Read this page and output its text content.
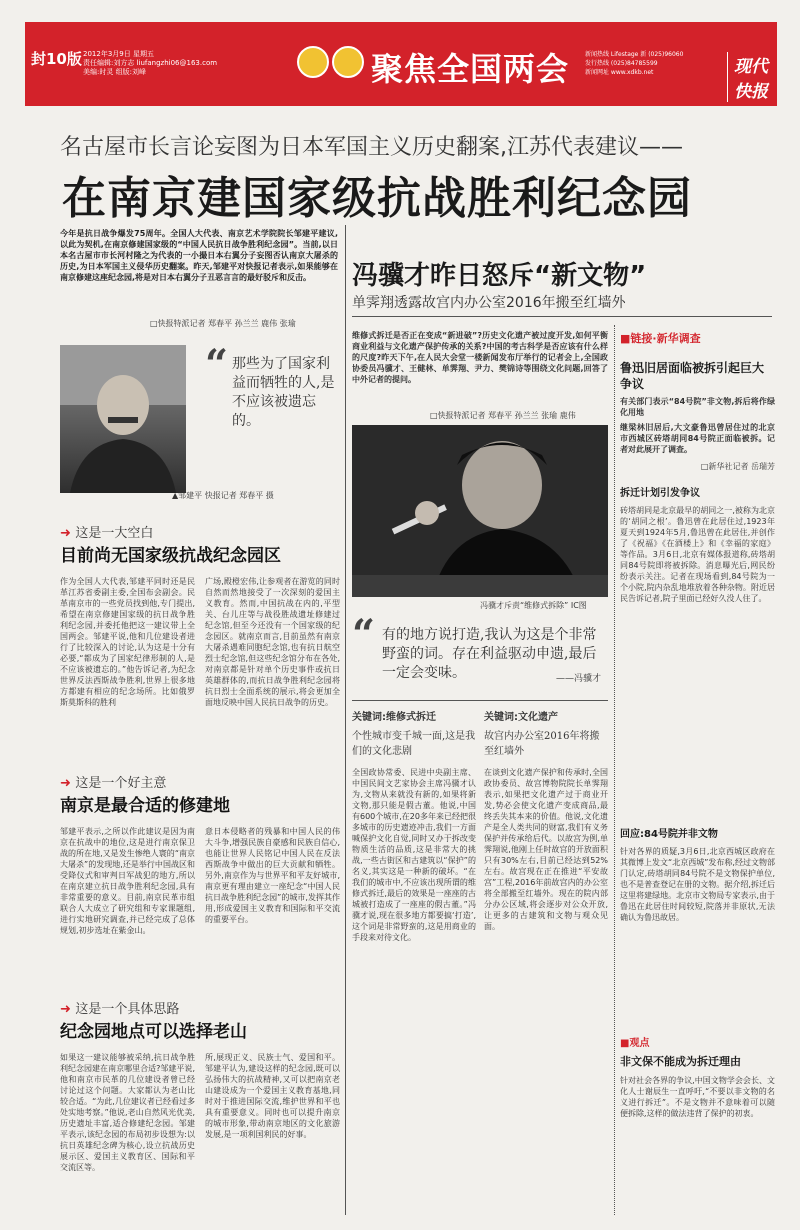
封10版 2012年3月9日 星期五
责任编辑:刘方志 liufangzhi06@163.com
美编:时灵 组版:刘峰	聚焦全国两会	新闻热线 Lifestage 新 (025)96060
发行热线 (025)84785599
新闻网址 www.xdkb.net	现代快报
名古屋市长言论妄图为日本军国主义历史翻案,江苏代表建议——
在南京建国家级抗战胜利纪念园
今年是抗日战争爆发75周年。全国人大代表、南京艺术学院院长邹建平建议,以此为契机,在南京修建国家级的“中国人民抗日战争胜利纪念园”。当前,以日本名古屋市市长河村隆之为代表的一小撮日本右翼分子妄图否认南京大屠杀的历史,为日本军国主义侵华历史翻案。昨天,邹建平对快报记者表示,如果能够在南京修建这座纪念园,将是对日本右翼分子丑恶言言的最好驳斥和反击。
□快报特派记者 郑春平 孙兰兰 鹿伟 张瑜
▲邹建平 快报记者 郑春平 摄
“ 那些为了国家利益而牺牲的人,是不应该被遗忘的。
➜ 这是一大空白
目前尚无国家级抗战纪念园区
作为全国人大代表,邹建平同时还是民革江苏省委副主委,全国布会副会。民革南京市的一些党员找到他,专门提出,希望在南京修建国家级的抗日战争胜利纪念园,并委托他把这一建议带上全国两会。邹建平说,他和几位建设者进行了比较深入的讨论,认为这是十分有必要,“都成为了国家纪律形制的人,是不应该被遗忘的。”他告诉记者,为纪念世界反法西斯战争胜利,世界上很多地方都建有相应的纪念场所。比如俄罗斯莫斯科的胜利
广场,殿橙宏伟,让参观者在游览的同时自然而然地接受了一次深刻的爱国主义教育。然而,中国抗战在内的,平型关、台儿庄等与战役胜战遗址修建过纪念馆,但至今还没有一个国家级的纪念园区。就南京而言,目前虽然有南京大屠杀遇难同胞纪念馆,也有抗日航空烈士纪念馆,但这些纪念馆分布在各处,对南京都是针对单个历史事件或抗日英雄群体的,而抗日战争胜利纪念园将抗日烈士全面系统的展示,将会更加全面地反映中国人民抗日战争的历史。
➜ 这是一个好主意
南京是最合适的修建地
邹建平表示,之所以作此建议是因为南京在抗战中的地位,这是进行南京保卫战的所在地,又是发生惨绝人寰的“南京大屠杀”的发现地,还是举行中国战区和受降仪式和审判日军战犯的地方,所以在南京建立抗日战争胜利纪念园,具有非常重要的意义。目前,南京民革市组联合人大成立了研究组和专家课题组,进行实地研究调查,并已经完成了总体规划,初步选址在紫金山。
意日本侵略者的残暴和中国人民的伟大斗争,增强民族自豪感和民族自信心,也能让世界人民铭记中国人民在反法西斯战争中做出的巨大贡献和牺牲。另外,南京作为与世界平和平友好城市,南京更有理由建立一座纪念“中国人民抗日战争胜利纪念园”的城市,发挥其作用,形成爱国主义教育和国际和平交流的重要平台。
➜ 这是一个具体思路
纪念园地点可以选择老山
如果这一建议能够被采纳,抗日战争胜利纪念园建在南京哪里合适?邹建平说,他和南京市民革的几位建设者曾已经讨论过这个问题。大家都认为老山比较合适。“为此,几位建议者已经看过多处实地考察。”他说,老山自然风光优美,历史遗址丰富,适合修建纪念园。邹建平表示,该纪念园的布局初步设想为:以抗日英雄纪念碑为核心,设立抗战历史展示区、爱国主义教育区、国际和平交流区等。
所,展现正义、民族士气、爱国和平。邹建平认为,建设这样的纪念园,既可以弘扬伟大的抗战精神,又可以把南京老山建设成为一个爱国主义教育基地,同时对于推进国际交流,维护世界和平也具有重要意义。同时也可以提升南京的城市形象,带动南京地区的文化旅游发展,是一项利国利民的好事。
冯骥才昨日怒斥“新文物”
单霁翔透露故宫内办公室2016年搬至红墙外
维修式拆迁是否正在变成“新进破”?历史文化遗产被过度开发,如何平衡商业利益与文化遗产保护传承的关系?中国的考古科学是否应该有什么样的尺度?昨天下午,在人民大会堂一楼新闻发布厅举行的记者会上,全国政协委员冯骥才、王健林、单霁翔、尹力、樊锦诗等围绕文化问题,回答了中外记者的提问。
□快报特派记者 郑春平 孙兰兰 张瑜 鹿伟
冯骥才斥责“维修式拆除” IC图
“ 有的地方说打造,我认为这是个非常野蛮的词。存在利益驱动申遗,最后一定会变味。	——冯骥才
关键词:维修式拆迁
个性城市变千城一面,这是我们的文化悲剧
全国政协常委、民进中央副主席、中国民间文艺家协会主席冯骥才认为,文物从来就没有新的,如果将新文物,那只能是假古董。他说,中国有600个城市,在20多年来已经把很多城市的历史遗迹冲击,我们一方面喊保护文化自觉,同时又办于拆改变物质生活的品质,这是非常大的挑战,一些古街区和古建筑以“保护”的名义,其实这是一种新的破坏。“在我们的城市中,不应该出现所谓的维修式拆迁,最后的效果是一座座的古城被打造成了一座座的假古董。”冯骥才说,现在很多地方都要搞‘打造’,这个词是非常野蛮的,这是用商业的手段来对待文化。
关键词:文化遗产
故宫内办公室2016年将搬至红墙外
在谈到文化遗产保护和传承时,全国政协委员、故宫博物院院长单霁翔表示,如果把文化遗产过于商业开发,势必会使文化遗产变成商品,最终丢失其本来的价值。他说,文化遗产是全人类共同的财富,我们有义务保护并传承给后代。以故宫为例,单霁翔说,他刚上任时故宫的开放面积只有30%左右,目前已经达到52%左右。故宫现在正在推进“平安故宫”工程,2016年前故宫内的办公室将全部搬至红墙外。现在的院内部分办公区域,将会逐步对公众开放,让更多的古建筑和文物与观众见面。
■链接·新华调查
鲁迅旧居面临被拆引起巨大争议
有关部门表示“84号院”非文物,拆后将作绿化用地
继梁林旧居后,大文豪鲁迅曾居住过的北京市西城区砖塔胡同84号院正面临被拆。记者对此展开了调查。
□新华社记者 岳瑞芳
拆迁计划引发争议
砖塔胡同是北京最早的胡同之一,被称为北京的‘胡同之根’。鲁迅曾在此居住过,1923年夏天到1924年5月,鲁迅曾在此居住,并创作了《祝福》《在酒楼上》和《幸福的家庭》等作品。3月6日,北京有媒体报道称,砖塔胡同84号院即将被拆除。消息曝光后,网民纷纷表示关注。记者在现场看到,84号院为一个小院,院内杂乱地堆放着各种杂物。附近居民告诉记者,院子里面已经好久没人住了。
回应:84号院并非文物
针对各界的质疑,3月6日,北京西城区政府在其微博上发文“北京西城”发布称,经过文物部门认定,砖塔胡同84号院不是文物保护单位,也不是普查登记在册的文物。据介绍,拆迁后这里将建绿地。北京市文物局专家表示,由于鲁迅在此居住时间较短,院落并非原状,无法确认为鲁迅故居。
■观点
非文保不能成为拆迁理由
针对社会各界的争议,中国文物学会会长、文化人士谢辰生一直呼吁,“不要以非文物的名义进行拆迁”。不是文物并不意味着可以随便拆除,这样的做法违背了保护的初衷。
